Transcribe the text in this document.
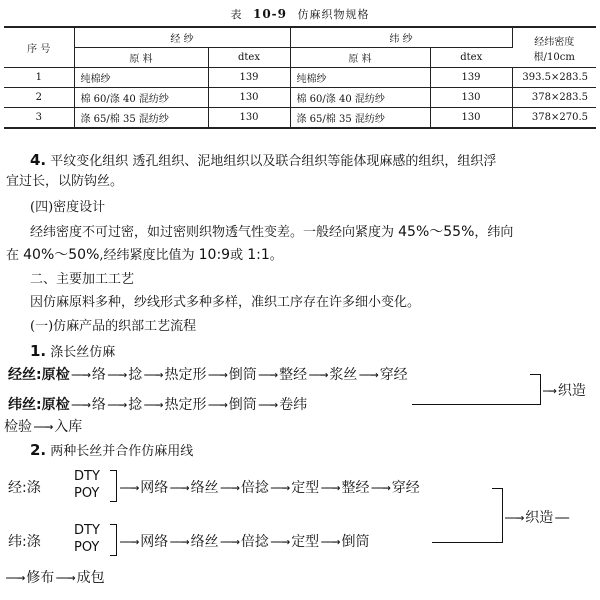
表 10-9 仿麻织物规格
序 号	经 纱		纬 纱		经纬密度
根/10cm

	原 料	dtex	原 料	dtex	
1	纯棉纱	139	纯棉纱	139	393.5×283.5
2	棉 60/涤 40 混纺纱	130	棉 60/涤 40 混纺纱	130	378×283.5
3	涤 65/棉 35 混纺纱	130	涤 65/棉 35 混纺纱	130	378×270.5
4. 平纹变化组织 透孔组织、泥地组织以及联合组织等能体现麻感的组织，组织浮
宜过长，以防钩丝。
(四)密度设计
经纬密度不可过密，如过密则织物透气性变差。一般经向紧度为 45%～55%，纬向
在 40%～50%,经纬紧度比值为 10:9或 1:1。
二、主要加工工艺
因仿麻原料多种，纱线形式多种多样，准织工序存在许多细小变化。
(一)仿麻产品的织部工艺流程
1. 涤长丝仿麻
经丝:原检 ——→ 络 ——→ 捻 ——→ 热定形 ——→ 倒筒 ——→ 整经 ——→ 浆丝 ——→ 穿经
纬丝:原检 ——→ 络 ——→ 捻 ——→ 热定形 ——→ 倒筒 ——→ 卷纬
—→ 织造
检验 ——→ 入库
2. 两种长丝并合作仿麻用线
经:涤
DTY
POY ——→ 网络 ——→ 络丝 ——→ 倍捻 ——→ 定型 ——→ 整经 ——→ 穿经
纬:涤
DTY
POY ——→ 网络 ——→ 络丝 ——→ 倍捻 ——→ 定型 ——→ 倒筒
——→ 织造 ——
——→ 修布 ——→ 成包
